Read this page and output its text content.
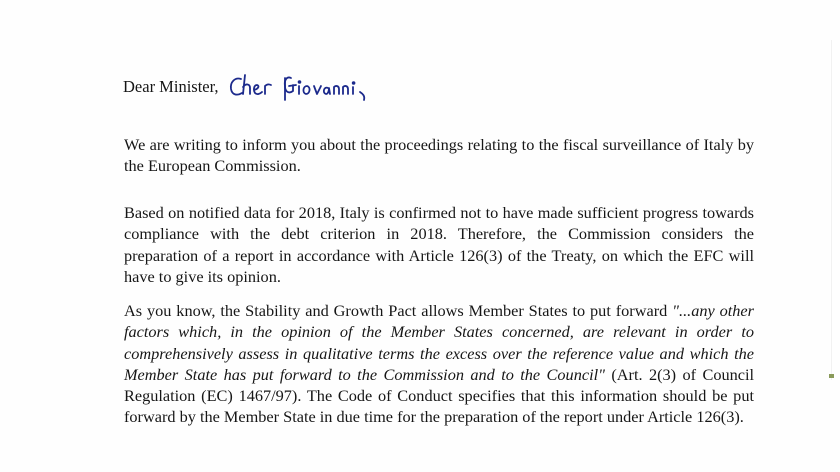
Dear Minister,

We are writing to inform you about the proceedings relating to the fiscal surveillance of Italy by the European Commission.

Based on notified data for 2018, Italy is confirmed not to have made sufficient progress towards compliance with the debt criterion in 2018. Therefore, the Commission considers the preparation of a report in accordance with Article 126(3) of the Treaty, on which the EFC will have to give its opinion.

As you know, the Stability and Growth Pact allows Member States to put forward "...any other factors which, in the opinion of the Member States concerned, are relevant in order to comprehensively assess in qualitative terms the excess over the reference value and which the Member State has put forward to the Commission and to the Council" (Art. 2(3) of Council Regulation (EC) 1467/97). The Code of Conduct specifies that this information should be put forward by the Member State in due time for the preparation of the report under Article 126(3).
